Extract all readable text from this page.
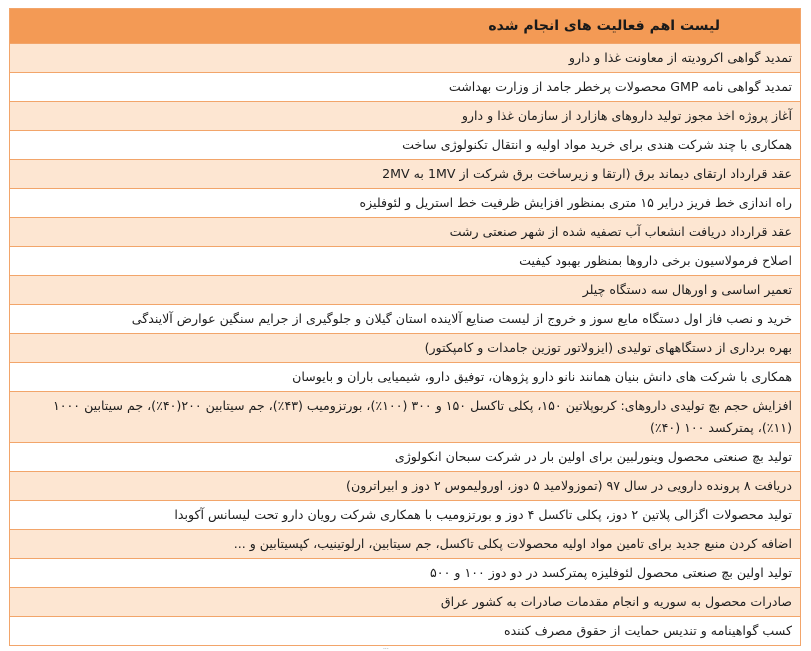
لیست اهم فعالیت های انجام شده
تمدید گواهی اکرودیته از معاونت غذا و دارو
تمدید گواهی نامه GMP محصولات پرخطر جامد از وزارت بهداشت
آغاز پروژه اخذ مجوز تولید داروهای هازارد از سازمان غذا و دارو
همکاری با چند شرکت هندی برای خرید مواد اولیه و انتقال تکنولوژی ساخت
عقد قرارداد ارتقای دیماند برق (ارتقا و زیرساخت برق شرکت از 1MV به 2MV
راه اندازی خط فریز درایر ۱۵ متری بمنظور افزایش ظرفیت خط استریل و لئوفلیزه
عقد قرارداد دریافت انشعاب آب تصفیه شده از شهر صنعتی رشت
اصلاح فرمولاسیون برخی داروها بمنظور بهبود کیفیت
تعمیر اساسی و اورهال سه دستگاه چیلر
خرید و نصب فاز اول دستگاه مایع سوز و خروج از لیست صنایع آلاینده استان گیلان و جلوگیری از جرایم سنگین عوارض آلایندگی
بهره برداری از دستگاههای تولیدی (ایزولاتور توزین جامدات و کامپکتور)
همکاری با شرکت های دانش بنیان همانند نانو دارو پژوهان، توفیق دارو، شیمیایی باران و بایوسان
افزایش حجم بچ تولیدی داروهای: کربوپلاتین ۱۵۰، پکلی تاکسل ۱۵۰ و ۳۰۰ (۱۰۰٪)، بورتزومیب (۴۳٪)، جم سیتابین ۲۰۰(۴۰٪)، جم سیتابین ۱۰۰۰ (۱۱٪)، پمترکسد ۱۰۰ (۴۰٪)
تولید بچ صنعتی محصول وینورلبین برای اولین بار در شرکت سبحان انکولوژی
دریافت ۸ پرونده دارویی در سال ۹۷ (تموزولامید ۵ دوز، اورولیموس ۲ دوز و ابیراترون)
تولید محصولات اگزالی پلاتین ۲ دوز، پکلی تاکسل ۴ دوز و بورتزومیب با همکاری شرکت رویان دارو تحت لیسانس آکوبدا
اضافه کردن منبع جدید برای تامین مواد اولیه محصولات پکلی تاکسل، جم سیتابین، ارلوتینیب، کپسیتابین و ...
تولید اولین بچ صنعتی محصول لئوفلیزه پمترکسد در دو دوز ۱۰۰ و ۵۰۰
صادرات محصول به سوریه و انجام مقدمات صادرات به کشور عراق
کسب گواهینامه و تندیس حمایت از حقوق مصرف کننده
...
